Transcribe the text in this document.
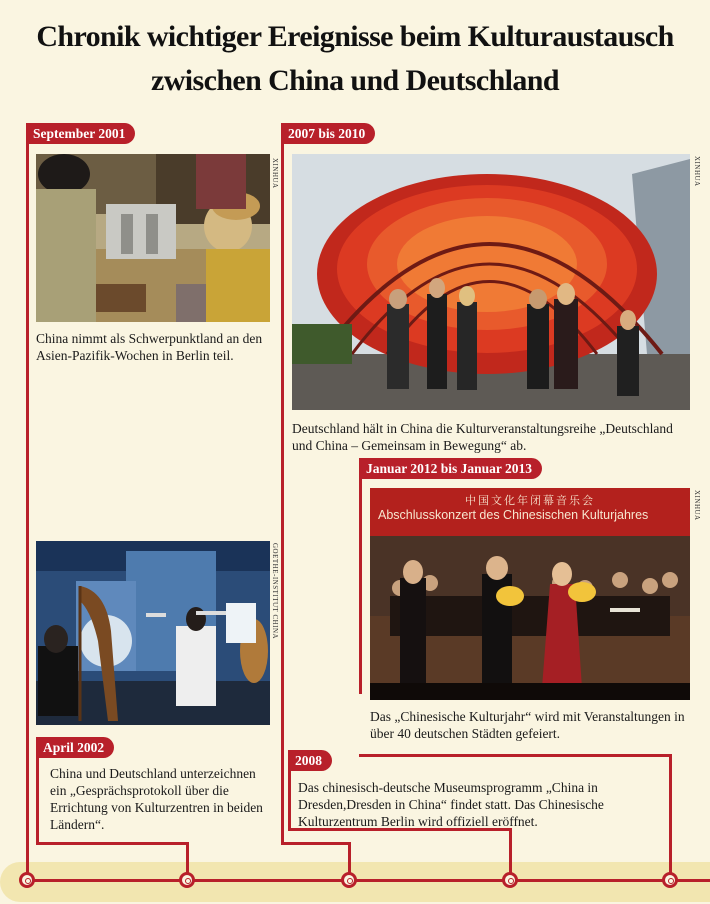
Chronik wichtiger Ereignisse beim Kulturaustausch
zwischen China und Deutschland
September 2001
XINHUA
China nimmt als Schwerpunktland an den Asien-Pazifik-Wochen in Berlin teil.
2007 bis 2010
XINHUA
Deutschland hält in China die Kulturveranstaltungsreihe „Deutschland und China – Gemeinsam in Bewegung“ ab.
Januar 2012 bis Januar 2013
中国文化年闭幕音乐会
Abschlusskonzert des Chinesischen Kulturjahres	XINHUA
Das „Chinesische Kulturjahr“ wird mit Veranstaltungen in über 40 deutschen Städten gefeiert.
GOETHE-INSTITUT CHINA
April 2002
China und Deutschland unterzeichnen ein „Gesprächsprotokoll über die Errichtung von Kulturzentren in beiden Ländern“.
2008
Das chinesisch-deutsche Museumsprogramm „China in Dresden,Dresden in China“ findet statt. Das Chinesische Kulturzentrum Berlin wird offiziell eröffnet.
